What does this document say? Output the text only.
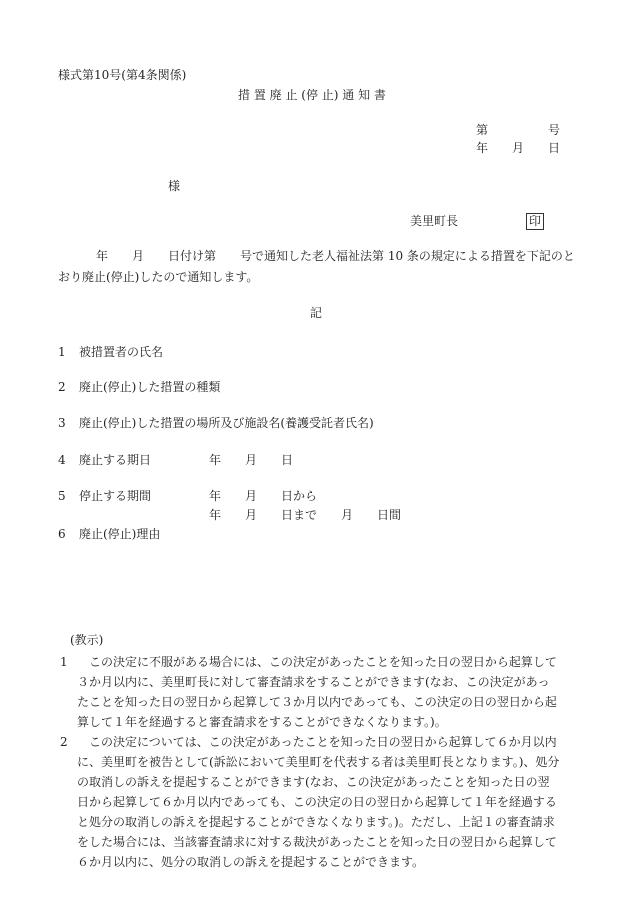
様式第10号(第4条関係)
措 置 廃 止 (停 止) 通 知 書
第	号
年 月 日
様
美里町長	印
年　　月　　日付け第　　号で通知した老人福祉法第 10 条の規定による措置を下記のと
おり廃止(停止)したので通知します。
記
1 被措置者の氏名
2 廃止(停止)した措置の種類
3 廃止(停止)した措置の場所及び施設名(養護受託者氏名)
4 廃止する期日	年　　月　　日
5 停止する期間	年　　月　　日から
年　　月　　日まで　　月　　日間
6 廃止(停止)理由
(教示)
1	この決定に不服がある場合には、この決定があったことを知った日の翌日から起算して３か月以内に、美里町長に対して審査請求をすることができます(なお、この決定があったことを知った日の翌日から起算して３か月以内であっても、この決定の日の翌日から起算して１年を経過すると審査請求をすることができなくなります。)。
2	この決定については、この決定があったことを知った日の翌日から起算して６か月以内に、美里町を被告として(訴訟において美里町を代表する者は美里町長となります。)、処分の取消しの訴えを提起することができます(なお、この決定があったことを知った日の翌日から起算して６か月以内であっても、この決定の日の翌日から起算して１年を経過すると処分の取消しの訴えを提起することができなくなります。)。ただし、上記１の審査請求をした場合には、当該審査請求に対する裁決があったことを知った日の翌日から起算して６か月以内に、処分の取消しの訴えを提起することができます。
